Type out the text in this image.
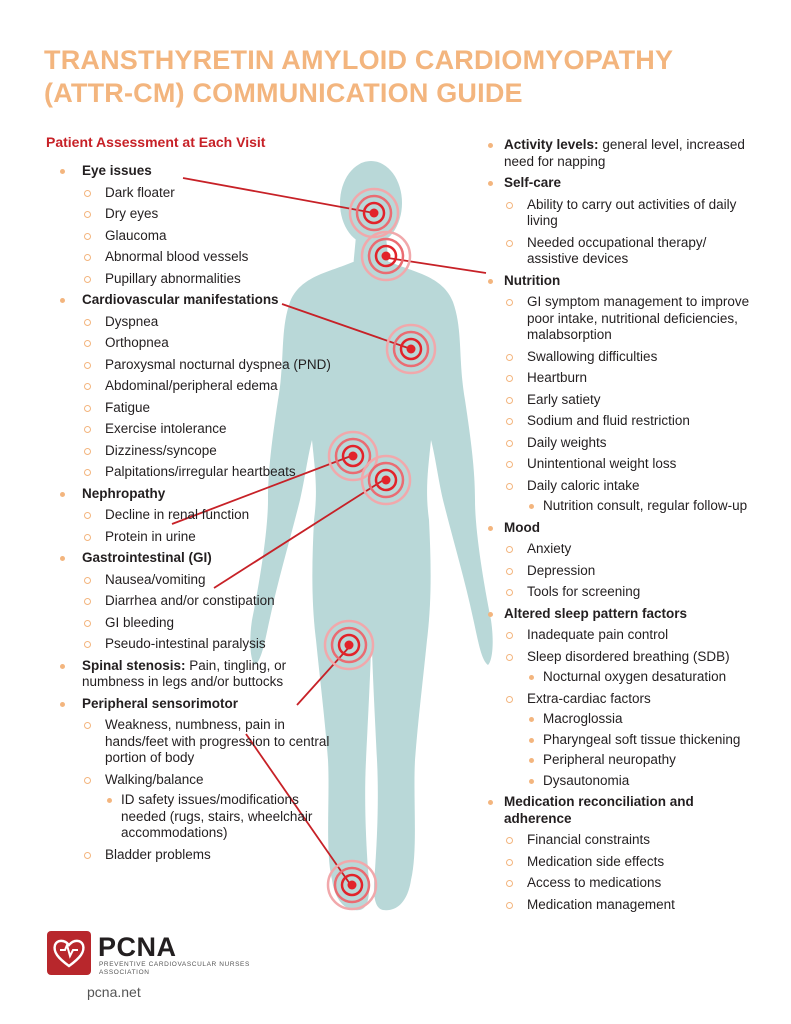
TRANSTHYRETIN AMYLOID CARDIOMYOPATHY
(ATTR-CM) COMMUNICATION GUIDE
Patient Assessment at Each Visit
Eye issues
Dark floater
Dry eyes
Glaucoma
Abnormal blood vessels
Pupillary abnormalities
Cardiovascular manifestations
Dyspnea
Orthopnea
Paroxysmal nocturnal dyspnea (PND)
Abdominal/peripheral edema
Fatigue
Exercise intolerance
Dizziness/syncope
Palpitations/irregular heartbeats
Nephropathy
Decline in renal function
Protein in urine
Gastrointestinal (GI)
Nausea/vomiting
Diarrhea and/or constipation
GI bleeding
Pseudo-intestinal paralysis
Spinal stenosis: Pain, tingling, or numbness in legs and/or buttocks
Peripheral sensorimotor
Weakness, numbness, pain in hands/feet with progression to central portion of body
Walking/balance
ID safety issues/modifications needed (rugs, stairs, wheelchair accommodations)
Bladder problems
Activity levels: general level, increased need for napping
Self-care
Ability to carry out activities of daily living
Needed occupational therapy/ assistive devices
Nutrition
GI symptom management to improve poor intake, nutritional deficiencies, malabsorption
Swallowing difficulties
Heartburn
Early satiety
Sodium and fluid restriction
Daily weights
Unintentional weight loss
Daily caloric intake
Nutrition consult, regular follow-up
Mood
Anxiety
Depression
Tools for screening
Altered sleep pattern factors
Inadequate pain control
Sleep disordered breathing (SDB)
Nocturnal oxygen desaturation
Extra-cardiac factors
Macroglossia
Pharyngeal soft tissue thickening
Peripheral neuropathy
Dysautonomia
Medication reconciliation and adherence
Financial constraints
Medication side effects
Access to medications
Medication management
PCNA
PREVENTIVE CARDIOVASCULAR NURSES ASSOCIATION
pcna.net
